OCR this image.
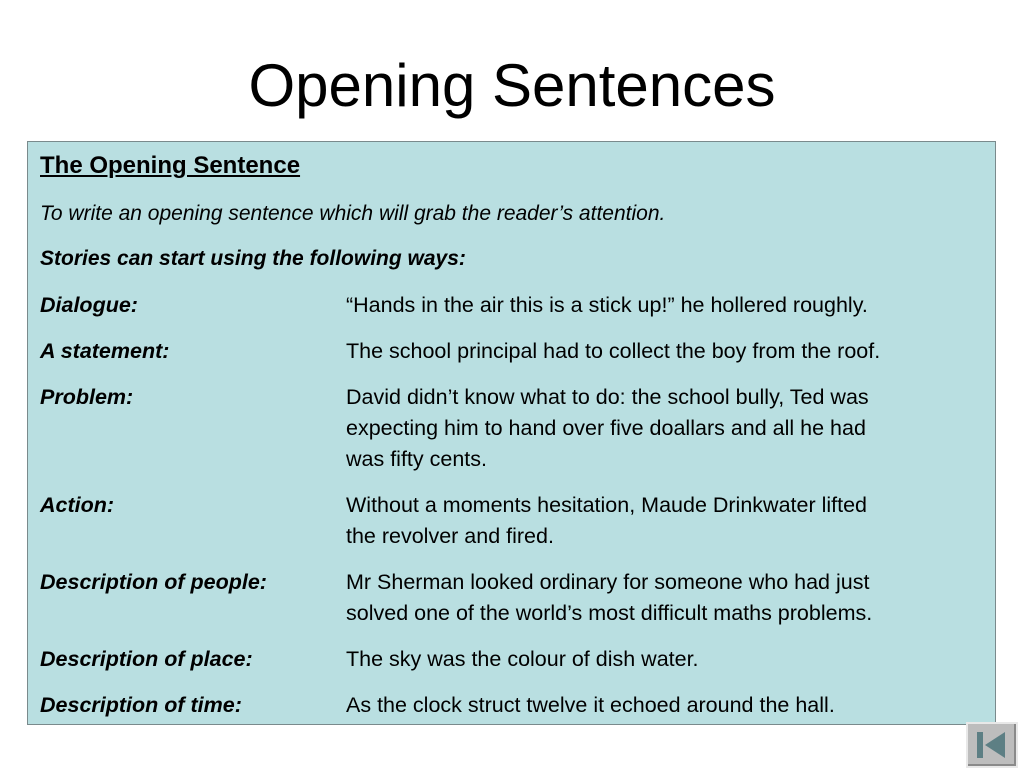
Opening Sentences
The Opening Sentence
To write an opening sentence which will grab the reader’s attention.
Stories can start using the following ways:
Dialogue:	“Hands in the air this is a stick up!” he hollered roughly.
A statement:	The school principal had to collect the boy from the roof.
Problem:	David didn’t know what to do: the school bully, Ted was
expecting him to hand over five doallars and all he had
was fifty cents.
Action:	Without a moments hesitation, Maude Drinkwater lifted
the revolver and fired.
Description of people:	Mr Sherman looked ordinary for someone who had just
solved one of the world’s most difficult maths problems.
Description of place:	The sky was the colour of dish water.
Description of time:	As the clock struct twelve it echoed around the hall.
